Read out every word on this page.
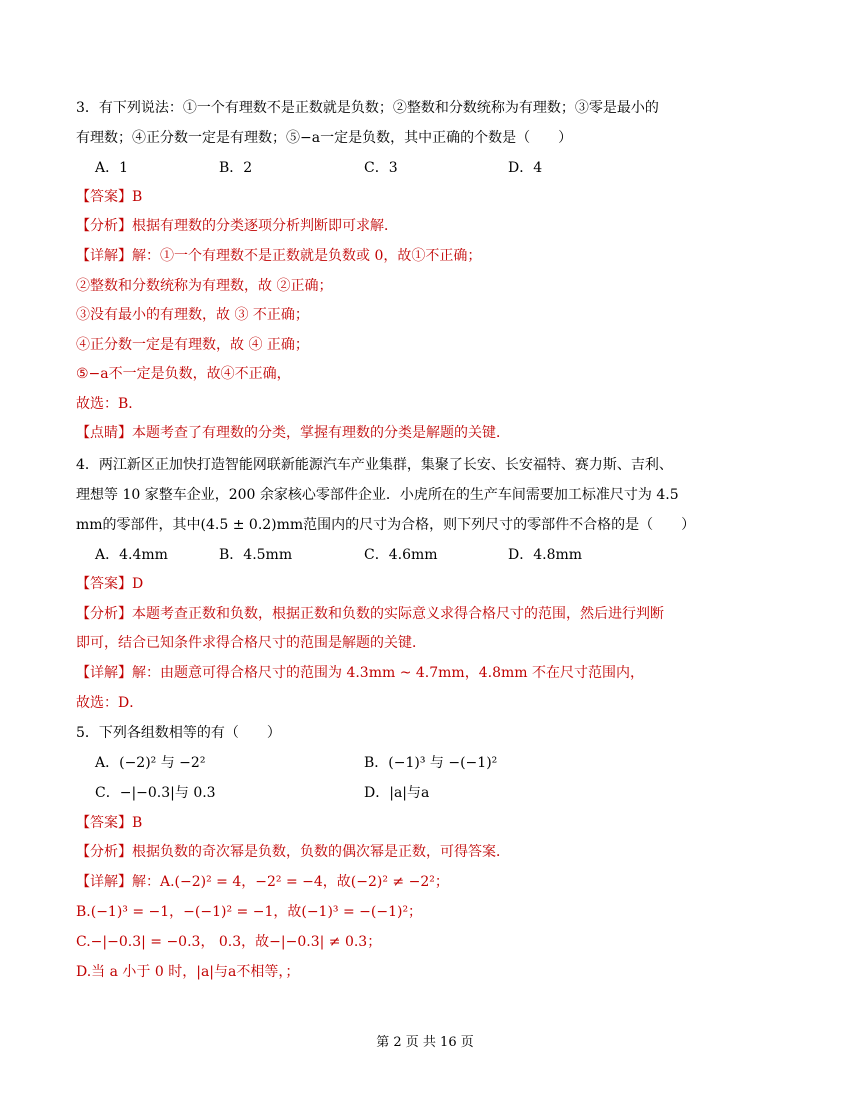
3．有下列说法：①一个有理数不是正数就是负数；②整数和分数统称为有理数；③零是最小的
有理数；④正分数一定是有理数；⑤−a一定是负数，其中正确的个数是（　　）
A．1	B．2	C．3	D．4
【答案】B
【分析】根据有理数的分类逐项分析判断即可求解．
【详解】解：①一个有理数不是正数就是负数或 0，故①不正确；
②整数和分数统称为有理数，故 ②正确；
③没有最小的有理数，故 ③ 不正确；
④正分数一定是有理数，故 ④ 正确；
⑤−a不一定是负数，故④不正确，
故选：B．
【点睛】本题考查了有理数的分类，掌握有理数的分类是解题的关键．
4．两江新区正加快打造智能网联新能源汽车产业集群，集聚了长安、长安福特、赛力斯、吉利、
理想等 10 家整车企业，200 余家核心零部件企业．小虎所在的生产车间需要加工标准尺寸为 4.5
mm的零部件，其中(4.5 ± 0.2)mm范围内的尺寸为合格，则下列尺寸的零部件不合格的是（　　）
A．4.4mm	B．4.5mm	C．4.6mm	D．4.8mm
【答案】D
【分析】本题考查正数和负数，根据正数和负数的实际意义求得合格尺寸的范围，然后进行判断
即可，结合已知条件求得合格尺寸的范围是解题的关键．
【详解】解：由题意可得合格尺寸的范围为 4.3mm ~ 4.7mm，4.8mm 不在尺寸范围内，
故选：D．
5．下列各组数相等的有（　　）
A．(−2)² 与 −2²	B．(−1)³ 与 −(−1)²
C．−|−0.3|与 0.3	D．|a|与a
【答案】B
【分析】根据负数的奇次幂是负数，负数的偶次幂是正数，可得答案．
【详解】解：A.(−2)² = 4，−2² = −4，故(−2)² ≠ −2²；
B.(−1)³ = −1，−(−1)² = −1，故(−1)³ = −(−1)²；
C.−|−0.3| = −0.3， 0.3，故−|−0.3| ≠ 0.3；
D.当 a 小于 0 时，|a|与a不相等，；
第 2 页 共 16 页
